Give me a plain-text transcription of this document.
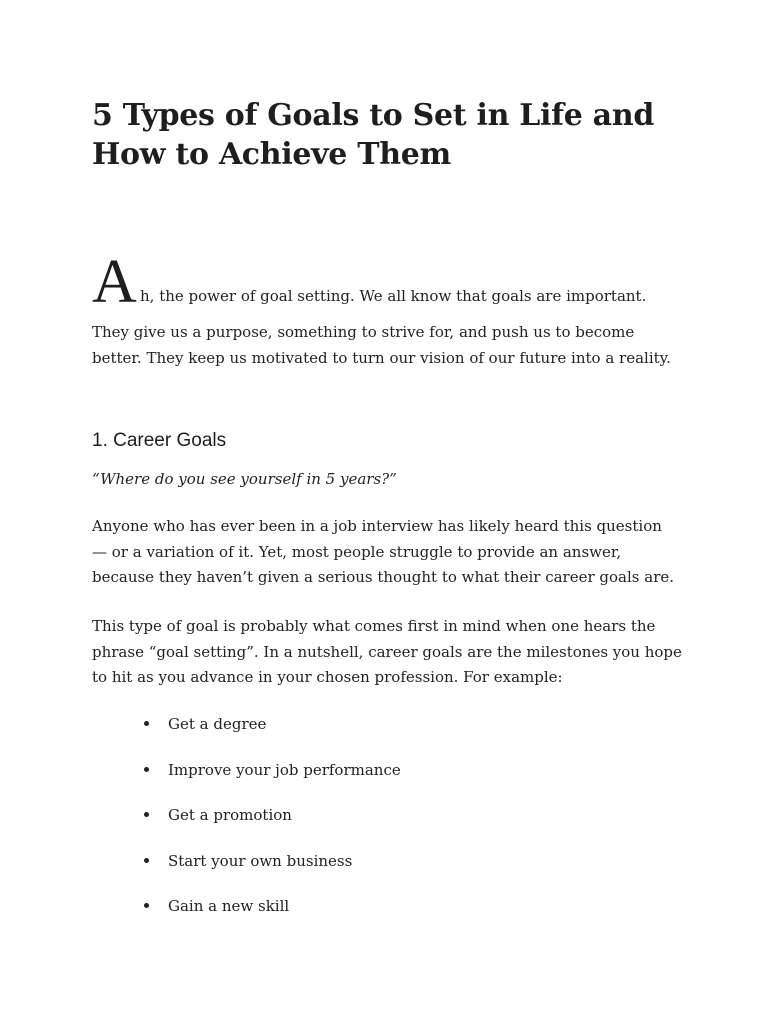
5 Types of Goals to Set in Life and
How to Achieve Them
A h, the power of goal setting. We all know that goals are important.
They give us a purpose, something to strive for, and push us to become
better. They keep us motivated to turn our vision of our future into a reality.
1. Career Goals
“Where do you see yourself in 5 years?”
Anyone who has ever been in a job interview has likely heard this question
— or a variation of it. Yet, most people struggle to provide an answer,
because they haven’t given a serious thought to what their career goals are.
This type of goal is probably what comes first in mind when one hears the
phrase “goal setting”. In a nutshell, career goals are the milestones you hope
to hit as you advance in your chosen profession. For example:
Get a degree
Improve your job performance
Get a promotion
Start your own business
Gain a new skill
